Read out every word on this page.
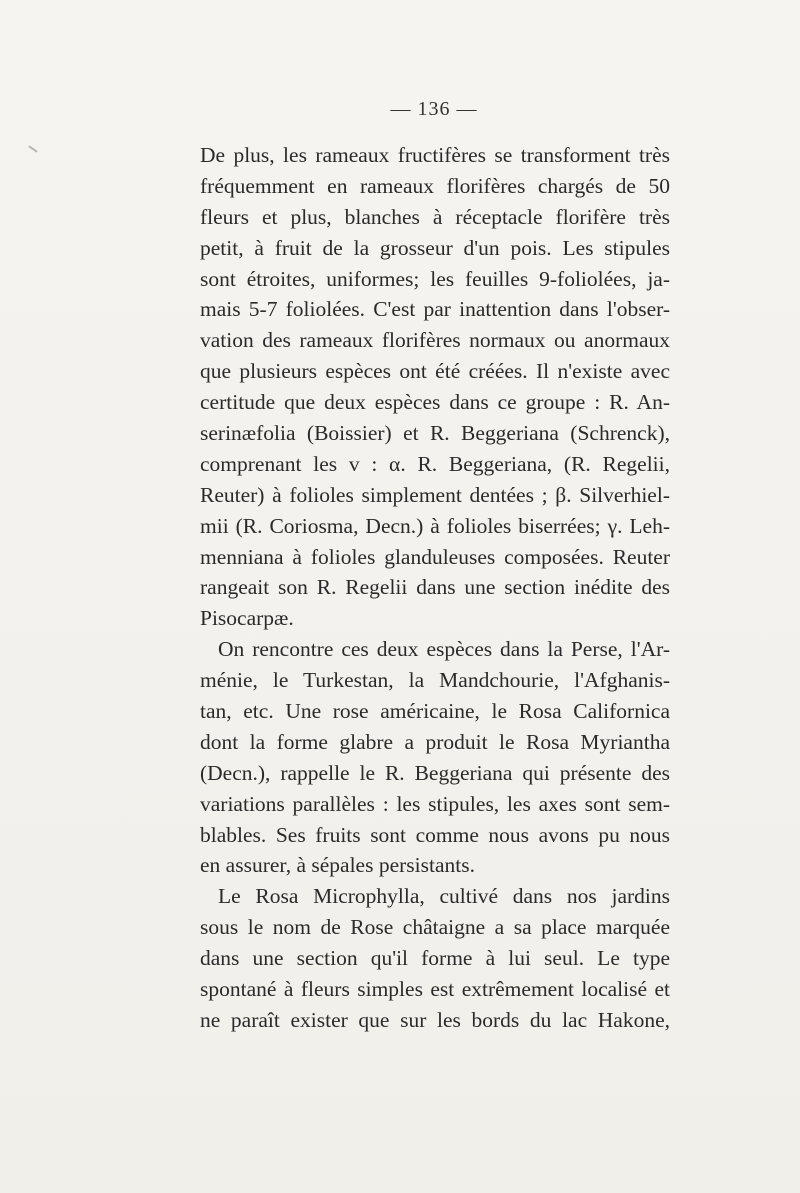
— 136 —
De plus, les rameaux fructifères se transforment très
fréquemment en rameaux florifères chargés de 50
fleurs et plus, blanches à réceptacle florifère très
petit, à fruit de la grosseur d'un pois. Les stipules
sont étroites, uniformes; les feuilles 9-foliolées, ja-
mais 5-7 foliolées. C'est par inattention dans l'obser-
vation des rameaux florifères normaux ou anormaux
que plusieurs espèces ont été créées. Il n'existe avec
certitude que deux espèces dans ce groupe : R. An-
serinæfolia (Boissier) et R. Beggeriana (Schrenck),
comprenant les v : α. R. Beggeriana, (R. Regelii,
Reuter) à folioles simplement dentées ; β. Silverhiel-
mii (R. Coriosma, Decn.) à folioles biserrées; γ. Leh-
menniana à folioles glanduleuses composées. Reuter
rangeait son R. Regelii dans une section inédite des
Pisocarpæ.
On rencontre ces deux espèces dans la Perse, l'Ar-
ménie, le Turkestan, la Mandchourie, l'Afghanis-
tan, etc. Une rose américaine, le Rosa Californica
dont la forme glabre a produit le Rosa Myriantha
(Decn.), rappelle le R. Beggeriana qui présente des
variations parallèles : les stipules, les axes sont sem-
blables. Ses fruits sont comme nous avons pu nous
en assurer, à sépales persistants.
Le Rosa Microphylla, cultivé dans nos jardins
sous le nom de Rose châtaigne a sa place marquée
dans une section qu'il forme à lui seul. Le type
spontané à fleurs simples est extrêmement localisé et
ne paraît exister que sur les bords du lac Hakone,
